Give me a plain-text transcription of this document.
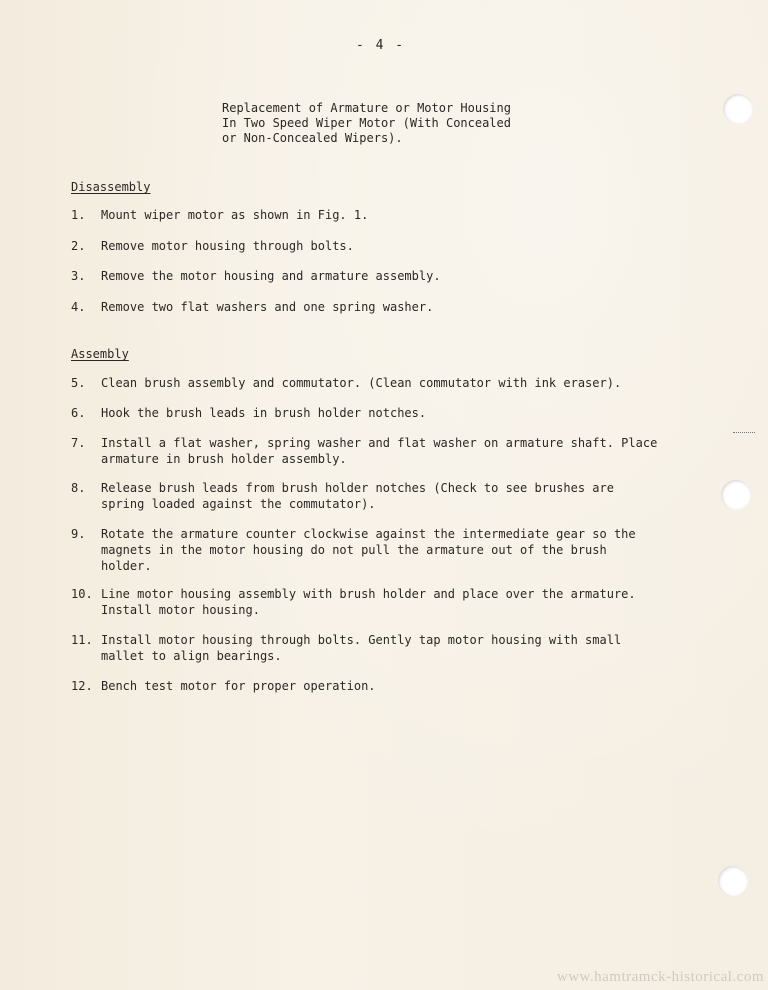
- 4 -
Replacement of Armature or Motor Housing
In Two Speed Wiper Motor (With Concealed
or Non-Concealed Wipers).
Disassembly
1. Mount wiper motor as shown in Fig. 1.
2. Remove motor housing through bolts.
3. Remove the motor housing and armature assembly.
4. Remove two flat washers and one spring washer.
Assembly
5. Clean brush assembly and commutator. (Clean commutator with ink eraser).
6. Hook the brush leads in brush holder notches.
7. Install a flat washer, spring washer and flat washer on armature shaft. Place armature in brush holder assembly.
8. Release brush leads from brush holder notches (Check to see brushes are spring loaded against the commutator).
9. Rotate the armature counter clockwise against the intermediate gear so the magnets in the motor housing do not pull the armature out of the brush holder.
10. Line motor housing assembly with brush holder and place over the armature. Install motor housing.
11. Install motor housing through bolts. Gently tap motor housing with small mallet to align bearings.
12. Bench test motor for proper operation.
www.hamtramck-historical.com
